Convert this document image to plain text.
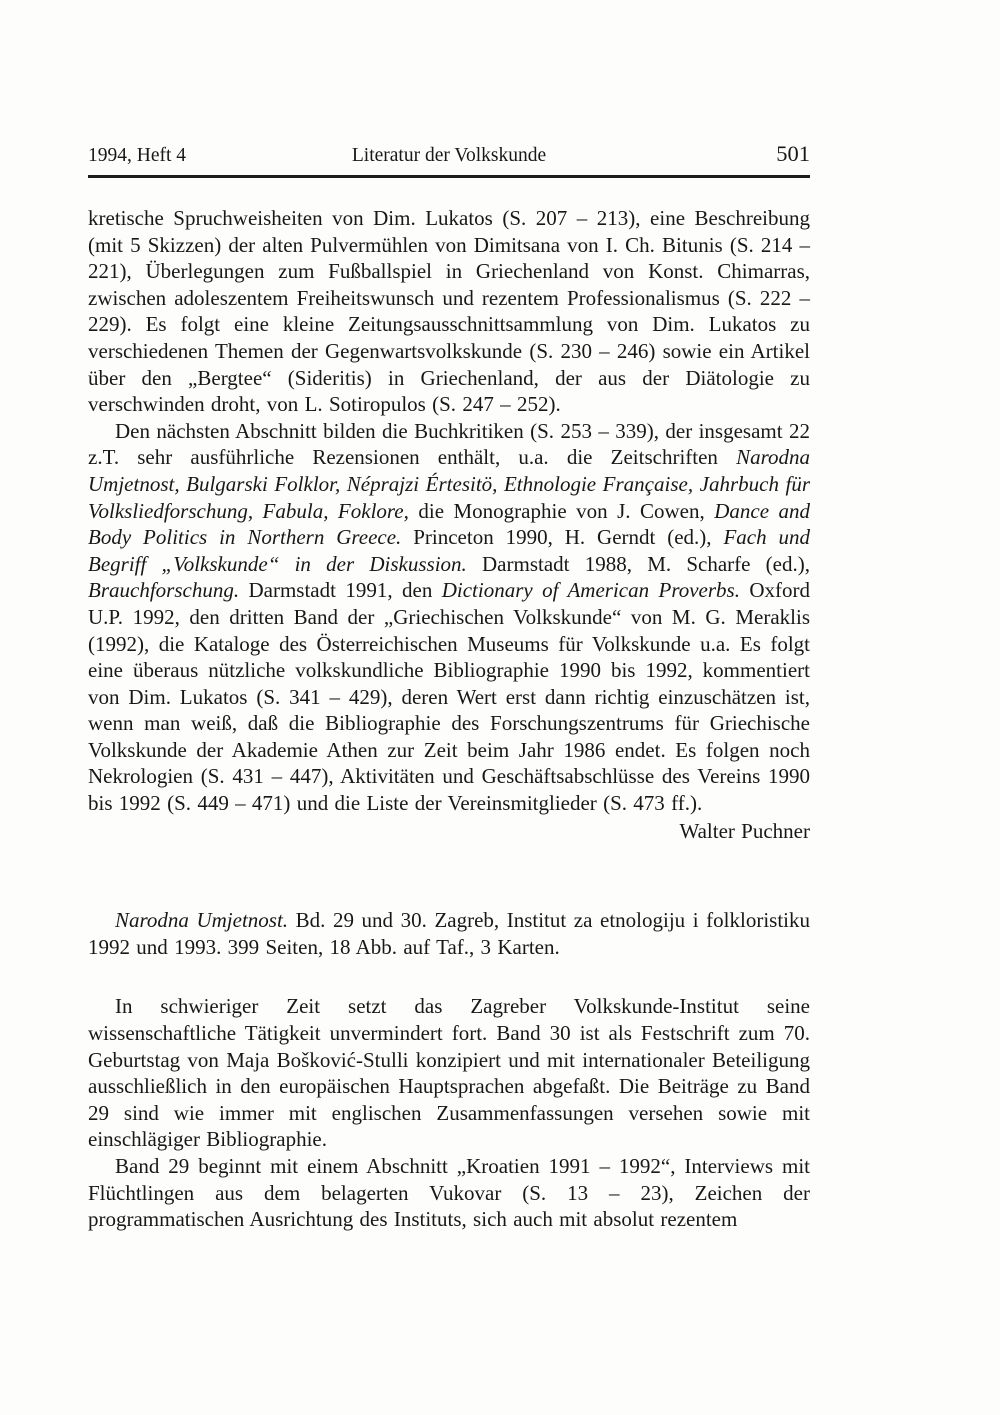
1994, Heft 4	Literatur der Volkskunde	501

kretische Spruchweisheiten von Dim. Lukatos (S. 207 – 213), eine Beschreibung (mit 5 Skizzen) der alten Pulvermühlen von Dimitsana von I. Ch. Bitunis (S. 214 – 221), Überlegungen zum Fußballspiel in Griechenland von Konst. Chimarras, zwischen adoleszentem Freiheitswunsch und rezentem Professionalismus (S. 222 – 229). Es folgt eine kleine Zeitungsausschnittsammlung von Dim. Lukatos zu verschiedenen Themen der Gegenwartsvolkskunde (S. 230 – 246) sowie ein Artikel über den „Bergtee“ (Sideritis) in Griechenland, der aus der Diätologie zu verschwinden droht, von L. Sotiropulos (S. 247 – 252).

Den nächsten Abschnitt bilden die Buchkritiken (S. 253 – 339), der insgesamt 22 z.T. sehr ausführliche Rezensionen enthält, u.a. die Zeitschriften Narodna Umjetnost, Bulgarski Folklor, Néprajzi Értesitö, Ethnologie Française, Jahrbuch für Volksliedforschung, Fabula, Foklore, die Monographie von J. Cowen, Dance and Body Politics in Northern Greece. Princeton 1990, H. Gerndt (ed.), Fach und Begriff „Volkskunde“ in der Diskussion. Darmstadt 1988, M. Scharfe (ed.), Brauchforschung. Darmstadt 1991, den Dictionary of American Proverbs. Oxford U.P. 1992, den dritten Band der „Griechischen Volkskunde“ von M. G. Meraklis (1992), die Kataloge des Österreichischen Museums für Volkskunde u.a. Es folgt eine überaus nützliche volkskundliche Bibliographie 1990 bis 1992, kommentiert von Dim. Lukatos (S. 341 – 429), deren Wert erst dann richtig einzuschätzen ist, wenn man weiß, daß die Bibliographie des Forschungszentrums für Griechische Volkskunde der Akademie Athen zur Zeit beim Jahr 1986 endet. Es folgen noch Nekrologien (S. 431 – 447), Aktivitäten und Geschäftsabschlüsse des Vereins 1990 bis 1992 (S. 449 – 471) und die Liste der Vereinsmitglieder (S. 473 ff.).

Walter Puchner

Narodna Umjetnost. Bd. 29 und 30. Zagreb, Institut za etnologiju i folkloristiku 1992 und 1993. 399 Seiten, 18 Abb. auf Taf., 3 Karten.

In schwieriger Zeit setzt das Zagreber Volkskunde-Institut seine wissenschaftliche Tätigkeit unvermindert fort. Band 30 ist als Festschrift zum 70. Geburtstag von Maja Bošković-Stulli konzipiert und mit internationaler Beteiligung ausschließlich in den europäischen Hauptsprachen abgefaßt. Die Beiträge zu Band 29 sind wie immer mit englischen Zusammenfassungen versehen sowie mit einschlägiger Bibliographie.

Band 29 beginnt mit einem Abschnitt „Kroatien 1991 – 1992“, Interviews mit Flüchtlingen aus dem belagerten Vukovar (S. 13 – 23), Zeichen der programmatischen Ausrichtung des Instituts, sich auch mit absolut rezentem
